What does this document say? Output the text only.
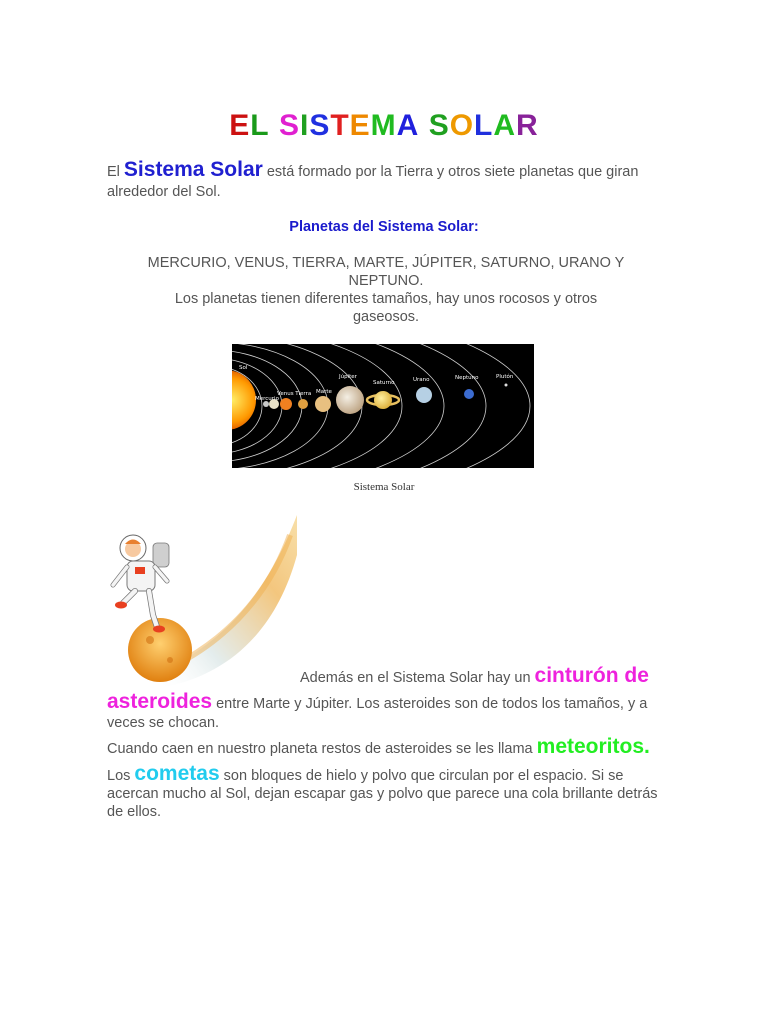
EL SISTEMA SOLAR
El Sistema Solar está formado por la Tierra y otros siete planetas que giran alrededor del Sol.
Planetas del Sistema Solar:
MERCURIO, VENUS, TIERRA, MARTE, JÚPITER, SATURNO, URANO Y NEPTUNO.
Los planetas tienen diferentes tamaños, hay unos rocosos y otros gaseosos.
Sol
Mercurio
Venus Tierra Marte
Júpiter
Saturno	Urano	Neptuno	Plutón
Sistema Solar
Además en el Sistema Solar hay un cinturón de
asteroides entre Marte y Júpiter. Los asteroides son de todos los tamaños, y a veces se chocan.
Cuando caen en nuestro planeta restos de asteroides se les llama meteoritos.
Los cometas son bloques de hielo y polvo que circulan por el espacio. Si se acercan mucho al Sol, dejan escapar gas y polvo que parece una cola brillante detrás de ellos.
